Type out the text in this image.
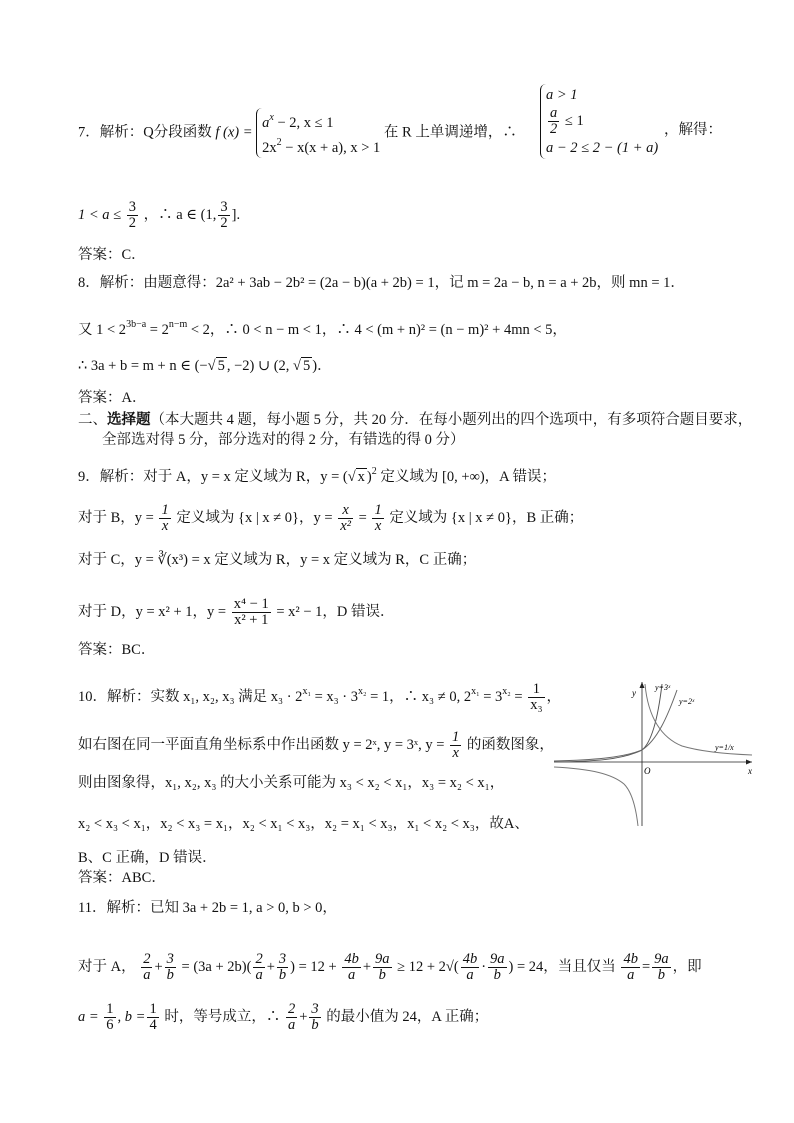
7．解析：Q分段函数 f (x) =
$a^x - 2$, x ≤ 1
$2x^2 - x(x + a)$, x > 1
在 R 上单调递增，∴
a > 1
$\frac{a}{2} \le 1$
a − 2 ≤ 2 − (1 + a)
，解得：
$1 < a \le \frac{3}{2}$ ，∴ a ∈ (1, $\frac{3}{2}$ ].
答案：C．
8．解析：由题意得：2a² + 3ab − 2b² = (2a − b)(a + 2b) = 1，记 m = 2a − b, n = a + 2b，则 mn = 1．
又 $1 < 2^{3b-a} = 2^{n-m} < 2$，∴ 0 < n − m < 1，∴ 4 < (m + n)² = (n − m)² + 4mn < 5，
∴ 3a + b = m + n ∈ (−√ 5 , −2) ∪ (2, √ 5 )．
答案：A．
二、选择题（本大题共 4 题，每小题 5 分，共 20 分．在每小题列出的四个选项中，有多项符合题目要求，
全部选对得 5 分，部分选对的得 2 分，有错选的得 0 分）
9．解析：对于 A，y = x 定义域为 R，y = (√ x )$^2$ 定义域为 [0, +∞)，A 错误；
对于 B，$y = \frac{1}{x}$ 定义域为 {x | x ≠ 0}，$y = \frac{x}{\text{x²}} = \frac{1}{x}$ 定义域为 {x | x ≠ 0}，B 正确；
对于 C，y = ∛(x³) = x 定义域为 R，y = x 定义域为 R，C 正确；
对于 D，y = x² + 1，$y = \frac{\text{x⁴ − 1}}{\text{x² + 1}} = x^2 - 1$，D 错误．
答案：BC．
10．解析：实数 x₁, x₂, x₃ 满足 $x_3 \cdot 2^{x_1} = x_3 \cdot 3^{x_2} = 1$，∴ x₃ ≠ 0, $2^{x_1} = 3^{x_2} = \frac{1}{\text{x₃}}$ ，
如右图在同一平面直角坐标系中作出函数 y = 2ˣ, y = 3ˣ, $y = \frac{1}{x}$ 的函数图象，
则由图象得，x₁, x₂, x₃ 的大小关系可能为 x₃ < x₂ < x₁，x₃ = x₂ < x₁，
x₂ < x₃ < x₁，x₂ < x₃ = x₁，x₂ < x₁ < x₃，x₂ = x₁ < x₃，x₁ < x₂ < x₃，故A、
B、C 正确，D 错误．
答案：ABC．
y
x
O
y=3ˣ
y=2ˣ
y=1/x
11．解析：已知 3a + 2b = 1, a > 0, b > 0，
对于 A， $\frac{2}{a} + \frac{3}{b} = (3a + 2b)( \frac{2}{a} + \frac{3}{b}$ ) = $12 + \frac{4b}{a} + \frac{9a}{b} \ge 12 + 2√( \frac{4b}{a} \cdot \frac{9a}{b}$ ) = 24，当且仅当 $\frac{4b}{a} = \frac{9a}{b}$ ，即
$a = \frac{1}{6}$ , $b = \frac{1}{4}$ 时，等号成立，∴ $\frac{2}{a} + \frac{3}{b}$ 的最小值为 24，A 正确；
